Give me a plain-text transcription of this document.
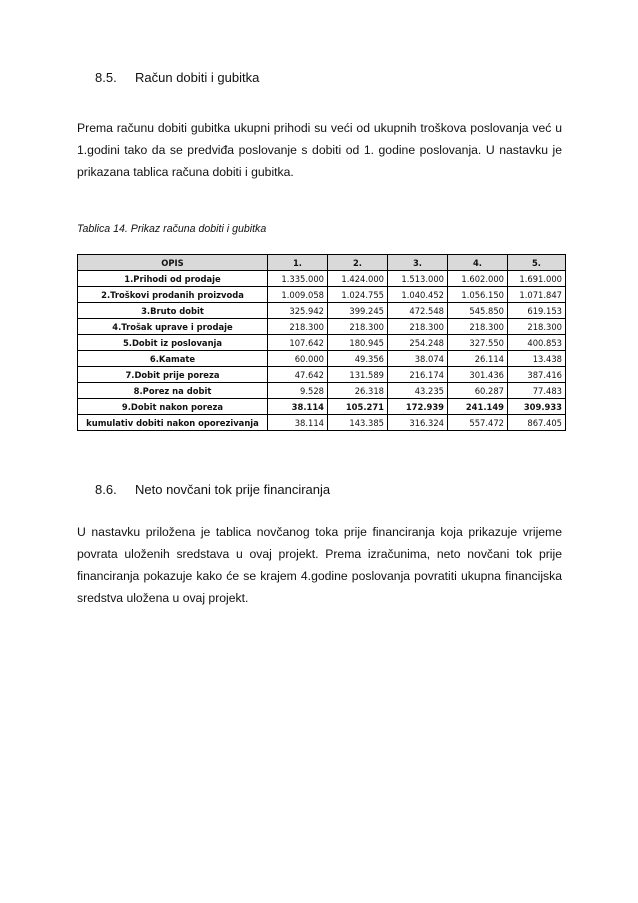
8.5. Račun dobiti i gubitka

Prema računu dobiti gubitka ukupni prihodi su veći od ukupnih troškova poslovanja već u 1.godini tako da se predviđa poslovanje s dobiti od 1. godine poslovanja. U nastavku je prikazana tablica računa dobiti i gubitka.

Tablica 14. Prikaz računa dobiti i gubitka
OPIS	1.	2.	3.	4.	5.
1.Prihodi od prodaje	1.335.000	1.424.000	1.513.000	1.602.000	1.691.000
2.Troškovi prodanih proizvoda	1.009.058	1.024.755	1.040.452	1.056.150	1.071.847
3.Bruto dobit	325.942	399.245	472.548	545.850	619.153
4.Trošak uprave i prodaje	218.300	218.300	218.300	218.300	218.300
5.Dobit iz poslovanja	107.642	180.945	254.248	327.550	400.853
6.Kamate	60.000	49.356	38.074	26.114	13.438
7.Dobit prije poreza	47.642	131.589	216.174	301.436	387.416
8.Porez na dobit	9.528	26.318	43.235	60.287	77.483
9.Dobit nakon poreza	38.114	105.271	172.939	241.149	309.933
kumulativ dobiti nakon oporezivanja	38.114	143.385	316.324	557.472	867.405
8.6. Neto novčani tok prije financiranja

U nastavku priložena je tablica novčanog toka prije financiranja koja prikazuje vrijeme povrata uloženih sredstava u ovaj projekt. Prema izračunima, neto novčani tok prije financiranja pokazuje kako će se krajem 4.godine poslovanja povratiti ukupna financijska sredstva uložena u ovaj projekt.
